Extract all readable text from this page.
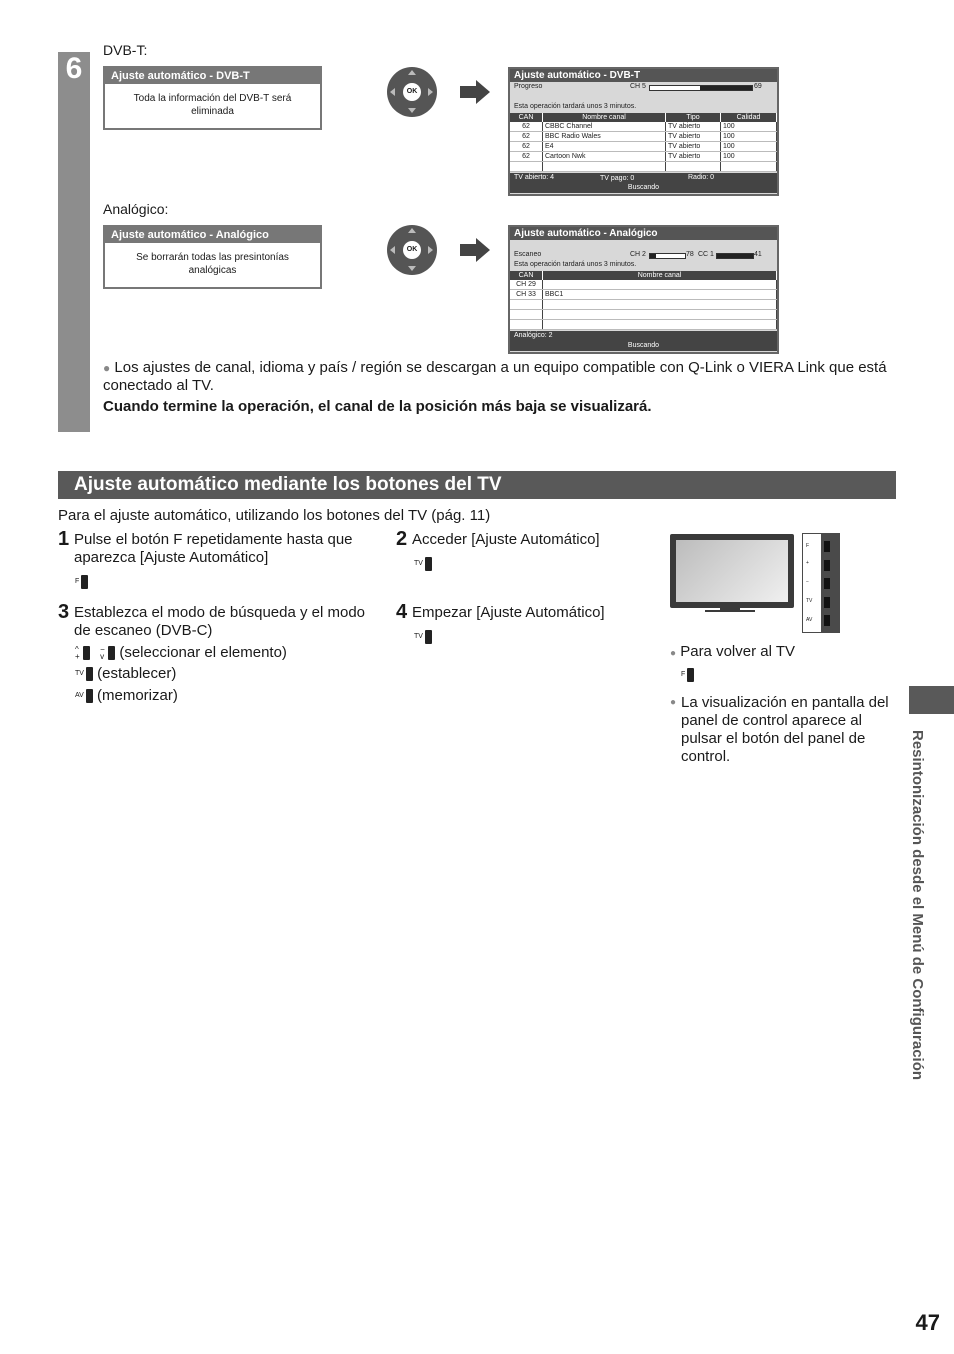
6
DVB-T:
Ajuste automático - DVB-T
Toda la información del DVB-T será eliminada
OK
Ajuste automático - DVB-T
Progreso	CH 5	69
Esta operación tardará unos 3 minutos.
CAN	Nombre canal	Tipo	Calidad
62	CBBC Channel	TV abierto	100
62	BBC Radio Wales	TV abierto	100
62	E4	TV abierto	100
62	Cartoon Nwk	TV abierto	100

TV abierto: 4	TV pago: 0	Radio: 0
Buscando
Analógico:
Ajuste automático - Analógico
Se borrarán todas las presintonías analógicas
OK
Ajuste automático - Analógico
Escaneo	CH 2	78 CC 1	41
Esta operación tardará unos 3 minutos.
CAN	Nombre canal
CH 29	
CH 33	BBC1

Analógico: 2
Buscando
● Los ajustes de canal, idioma y país / región se descargan a un equipo compatible con Q-Link o VIERA Link que está conectado al TV.
Cuando termine la operación, el canal de la posición más baja se visualizará.
Ajuste automático mediante los botones del TV
Para el ajuste automático, utilizando los botones del TV (pág. 11)
1 Pulse el botón F repetidamente hasta que aparezca [Ajuste Automático]
F
2 Acceder [Ajuste Automático]
TV
3 Establezca el modo de búsqueda y el modo de escaneo (DVB-C)
^
+ −
v (seleccionar el elemento)
TV (establecer)
AV (memorizar)
4 Empezar [Ajuste Automático]
TV
F
+
−
TV
AV
● Para volver al TV
F
● La visualización en pantalla del panel de control aparece al pulsar el botón del panel de control.	Resintonización desde el Menú de Configuración
47
